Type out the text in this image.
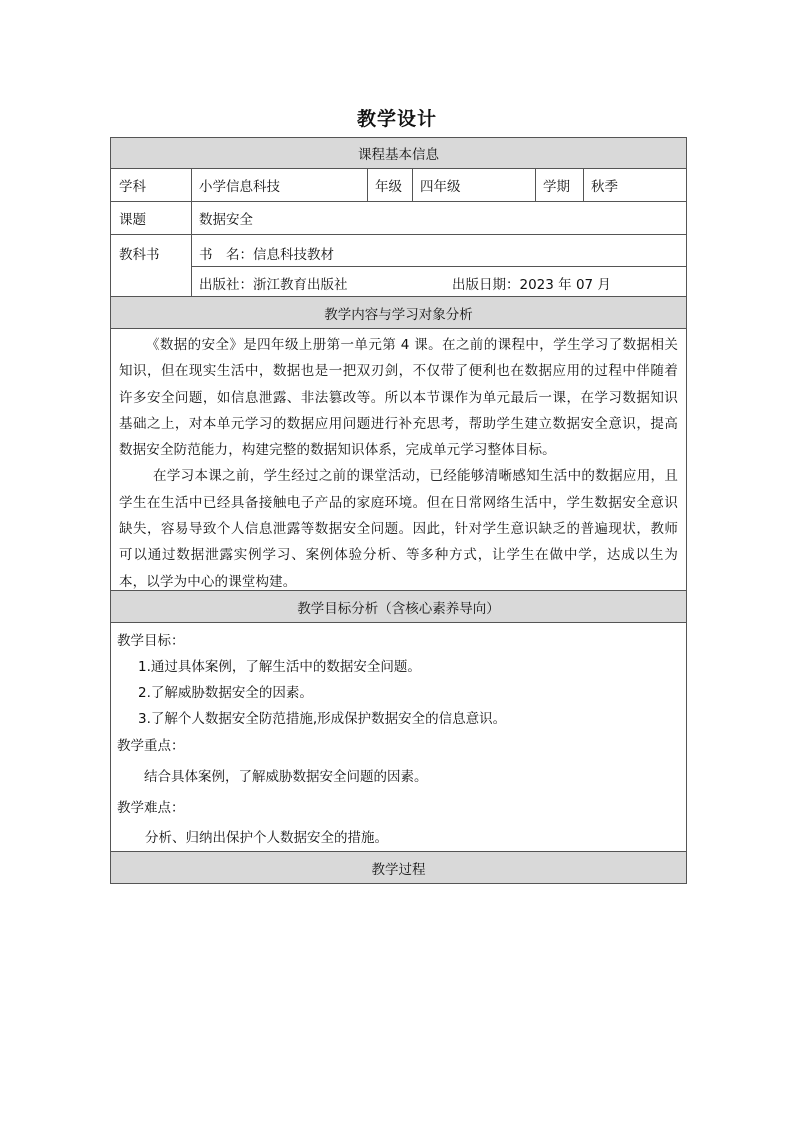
教学设计
课程基本信息
学科	小学信息科技	年级	四年级	学期	秋季
课题	数据安全
教科书	书　名：信息科技教材
出版社：浙江教育出版社	出版日期：2023 年 07 月
教学内容与学习对象分析
《数据的安全》是四年级上册第一单元第 4 课。在之前的课程中，学生学习了数据相关知识，但在现实生活中，数据也是一把双刃剑，不仅带了便利也在数据应用的过程中伴随着许多安全问题，如信息泄露、非法篡改等。所以本节课作为单元最后一课，在学习数据知识基础之上，对本单元学习的数据应用问题进行补充思考，帮助学生建立数据安全意识，提高数据安全防范能力，构建完整的数据知识体系，完成单元学习整体目标。
在学习本课之前，学生经过之前的课堂活动，已经能够清晰感知生活中的数据应用，且学生在生活中已经具备接触电子产品的家庭环境。但在日常网络生活中，学生数据安全意识缺失，容易导致个人信息泄露等数据安全问题。因此，针对学生意识缺乏的普遍现状，教师可以通过数据泄露实例学习、案例体验分析、等多种方式，让学生在做中学，达成以生为本，以学为中心的课堂构建。
教学目标分析（含核心素养导向）
教学目标：
1.通过具体案例，了解生活中的数据安全问题。
2.了解威胁数据安全的因素。
3.了解个人数据安全防范措施,形成保护数据安全的信息意识。
教学重点：
结合具体案例，了解威胁数据安全问题的因素。
教学难点：
分析、归纳出保护个人数据安全的措施。
教学过程
